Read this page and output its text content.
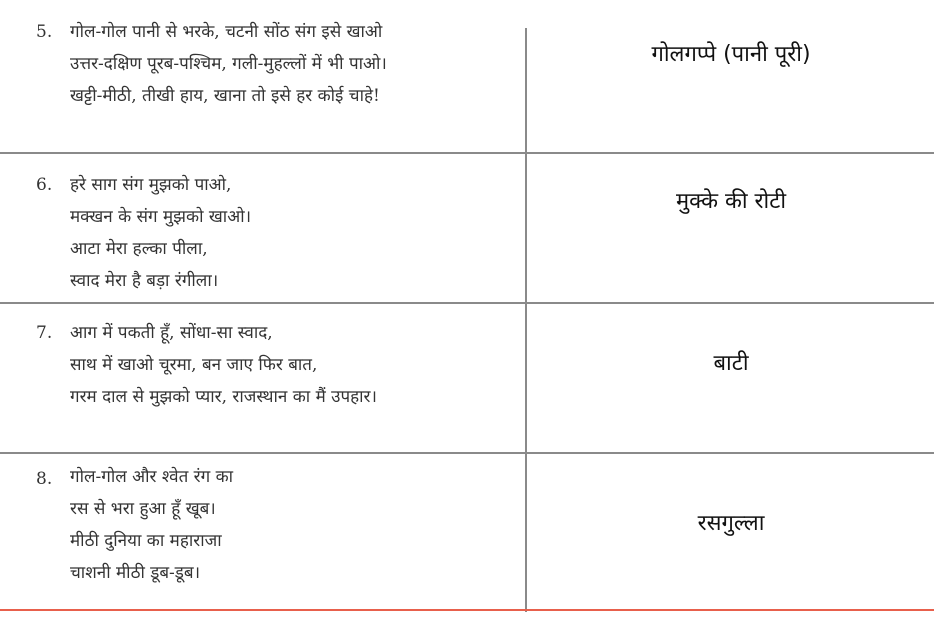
5. गोल-गोल पानी से भरके, चटनी सोंठ संग इसे खाओ
उत्तर-दक्षिण पूरब-पश्चिम, गली-मुहल्लों में भी पाओ।
खट्टी-मीठी, तीखी हाय, खाना तो इसे हर कोई चाहे!
गोलगप्पे (पानी पूरी)
6. हरे साग संग मुझको पाओ,
मक्खन के संग मुझको खाओ।
आटा मेरा हल्का पीला,
स्वाद मेरा है बड़ा रंगीला।
मुक्के की रोटी
7. आग में पकती हूँ, सोंधा-सा स्वाद,
साथ में खाओ चूरमा, बन जाए फिर बात,
गरम दाल से मुझको प्यार, राजस्थान का मैं उपहार।
बाटी
8. गोल-गोल और श्वेत रंग का
रस से भरा हुआ हूँ खूब।
मीठी दुनिया का महाराजा
चाशनी मीठी डूब-डूब।
रसगुल्ला
